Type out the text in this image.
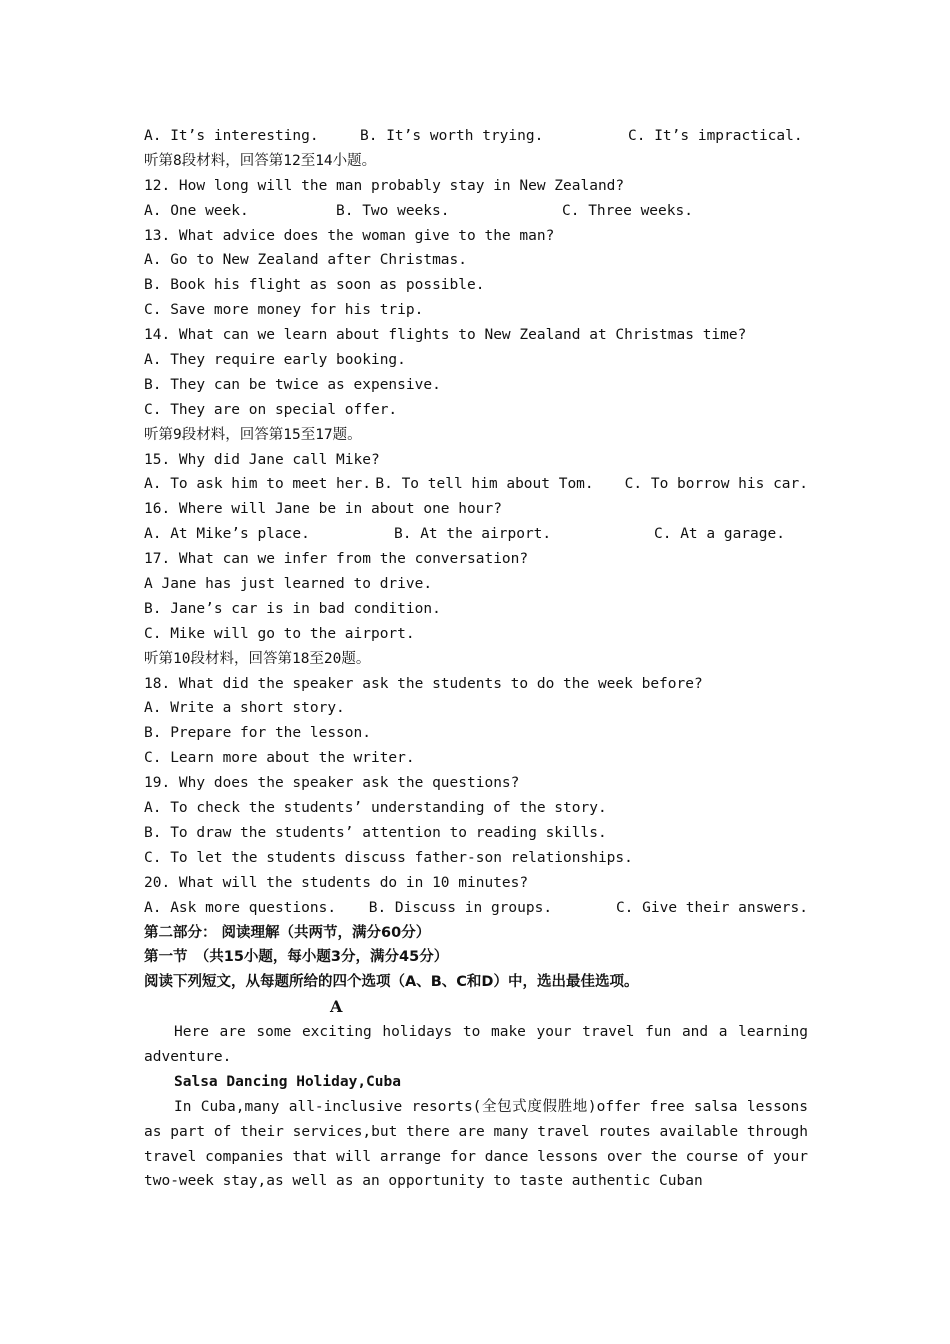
A. It’s interesting.	B. It’s worth trying.	C. It’s impractical.
听第8段材料，回答第12至14小题。
12. How long will the man probably stay in New Zealand?
A. One week.	B. Two weeks.	C. Three weeks.
13. What advice does the woman give to the man?
A. Go to New Zealand after Christmas.
B. Book his flight as soon as possible.
C. Save more money for his trip.
14. What can we learn about flights to New Zealand at Christmas time?
A. They require early booking.
B. They can be twice as expensive.
C. They are on special offer.
听第9段材料，回答第15至17题。
15. Why did Jane call Mike?
A. To ask him to meet her. B. To tell him about Tom.	C. To borrow his car.
16. Where will Jane be in about one hour?
A. At Mike’s place.	B. At the airport.	C. At a garage.
17. What can we infer from the conversation?
A Jane has just learned to drive.
B. Jane’s car is in bad condition.
C. Mike will go to the airport.
听第10段材料，回答第18至20题。
18. What did the speaker ask the students to do the week before?
A. Write a short story.
B. Prepare for the lesson.
C. Learn more about the writer.
19. Why does the speaker ask the questions?
A. To check the students’ understanding of the story.
B. To draw the students’ attention to reading skills.
C. To let the students discuss father-son relationships.
20. What will the students do in 10 minutes?
A. Ask more questions.	B. Discuss in groups.	C. Give their answers.
第二部分： 阅读理解（共两节，满分60分）
第一节　（共15小题，每小题3分，满分45分）
阅读下列短文，从每题所给的四个选项（A、B、C和D）中，选出最佳选项。
A
Here are some exciting holidays to make your travel fun and a learning adventure.
Salsa Dancing Holiday,Cuba
In Cuba,many all-inclusive resorts(全包式度假胜地)offer free salsa lessons as part of their services,but there are many travel routes available through travel companies that will arrange for dance lessons over the course of your two-week stay,as well as an opportunity to taste authentic Cuban
